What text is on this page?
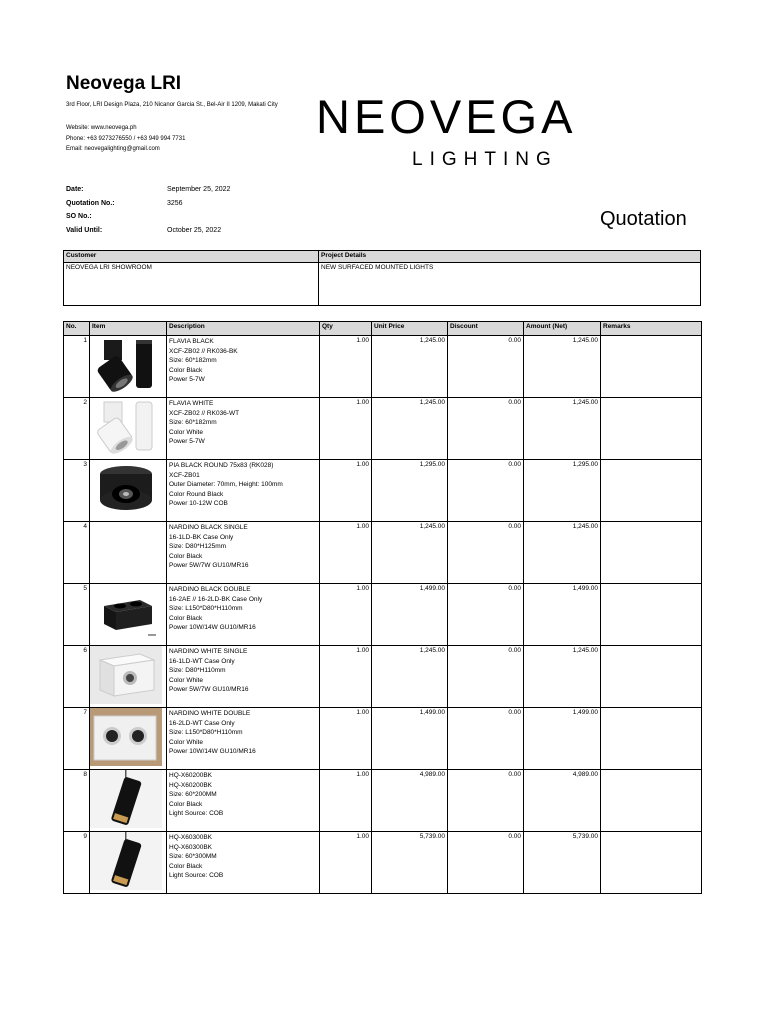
Neovega LRI
3rd Floor, LRI Design Plaza, 210 Nicanor Garcia St., Bel-Air II 1209, Makati City
Website: www.neovega.ph
Phone: +63 9273276550 / +63 949 994 7731
Email: neovegalighting@gmail.com
NEOVEGA
LIGHTING
Date:	September 25, 2022
Quotation No.:	3256
SO No.:	
Valid Until:	October 25, 2022
Quotation
Customer	Project Details
NEOVEGA LRI SHOWROOM	NEW SURFACED MOUNTED LIGHTS
No.	Item	Description	Qty	Unit Price	Discount	Amount (Net)	Remarks
1		FLAVIA BLACK
XCF-ZB02 // RK036-BK
Size: 60*182mm
Color Black
Power 5-7W	1.00	1,245.00	0.00	1,245.00	
2		FLAVIA WHITE
XCF-ZB02 // RK036-WT
Size: 60*182mm
Color White
Power 5-7W	1.00	1,245.00	0.00	1,245.00	
3		PIA BLACK ROUND 75x83 (RK028)
XCF-ZB01
Outer Diameter: 70mm, Height: 100mm
Color Round Black
Power 10-12W COB	1.00	1,295.00	0.00	1,295.00	
4		NARDINO BLACK SINGLE
16-1LD-BK Case Only
Size: D80*H125mm
Color Black
Power 5W/7W GU10/MR16	1.00	1,245.00	0.00	1,245.00	
5		NARDINO BLACK DOUBLE
16-2AE // 16-2LD-BK Case Only
Size: L150*D80*H110mm
Color Black
Power 10W/14W GU10/MR16	1.00	1,499.00	0.00	1,499.00	
6		NARDINO WHITE SINGLE
16-1LD-WT Case Only
Size: D80*H110mm
Color White
Power 5W/7W GU10/MR16	1.00	1,245.00	0.00	1,245.00	
7		NARDINO WHITE DOUBLE
16-2LD-WT Case Only
Size: L150*D80*H110mm
Color White
Power 10W/14W GU10/MR16	1.00	1,499.00	0.00	1,499.00	
8		HQ-X60200BK
HQ-X60200BK
Size: 60*200MM
Color Black
Light Source: COB	1.00	4,989.00	0.00	4,989.00	
9		HQ-X60300BK
HQ-X60300BK
Size: 60*300MM
Color Black
Light Source: COB	1.00	5,739.00	0.00	5,739.00	
